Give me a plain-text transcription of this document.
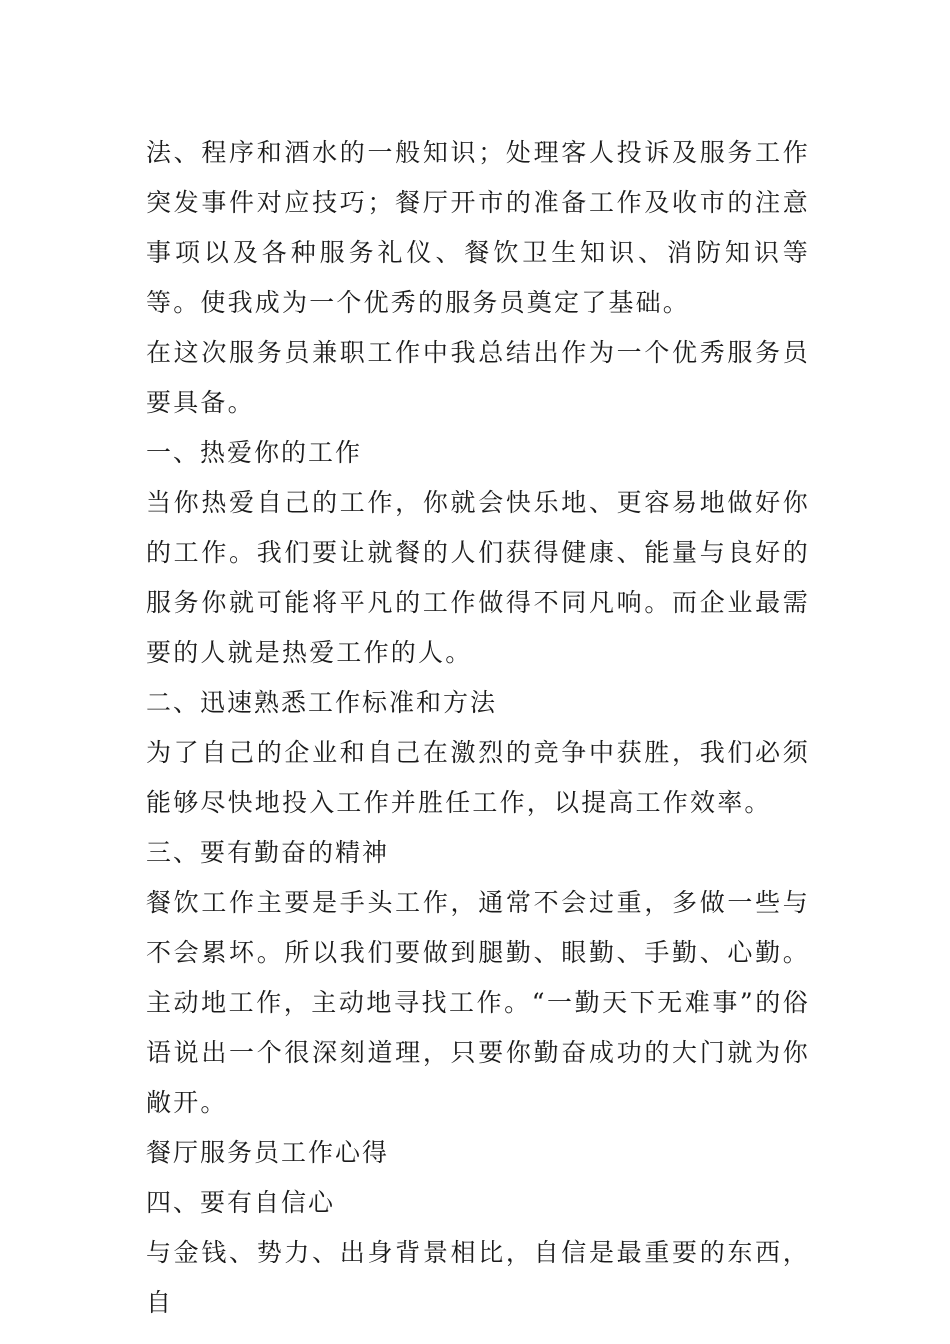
法、程序和酒水的一般知识；处理客人投诉及服务工作突发事件对应技巧；餐厅开市的准备工作及收市的注意事项以及各种服务礼仪、餐饮卫生知识、消防知识等等。使我成为一个优秀的服务员奠定了基础。

在这次服务员兼职工作中我总结出作为一个优秀服务员要具备。

一、热爱你的工作

当你热爱自己的工作，你就会快乐地、更容易地做好你的工作。我们要让就餐的人们获得健康、能量与良好的服务你就可能将平凡的工作做得不同凡响。而企业最需要的人就是热爱工作的人。

二、迅速熟悉工作标准和方法

为了自己的企业和自己在激烈的竞争中获胜，我们必须能够尽快地投入工作并胜任工作，以提高工作效率。

三、要有勤奋的精神

餐饮工作主要是手头工作，通常不会过重，多做一些与不会累坏。所以我们要做到腿勤、眼勤、手勤、心勤。主动地工作，主动地寻找工作。“一勤天下无难事”的俗语说出一个很深刻道理，只要你勤奋成功的大门就为你敞开。

餐厅服务员工作心得

四、要有自信心

与金钱、势力、出身背景相比，自信是最重要的东西，自
